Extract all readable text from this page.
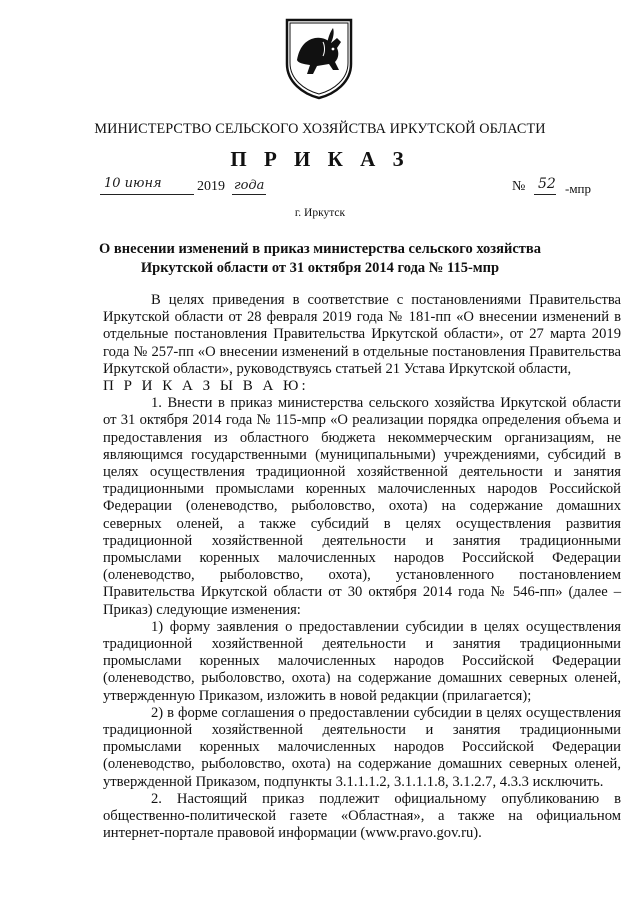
МИНИСТЕРСТВО СЕЛЬСКОГО ХОЗЯЙСТВА ИРКУТСКОЙ ОБЛАСТИ
П Р И К А З
10 июня	2019 года	№ 52 -мпр
г. Иркутск
О внесении изменений в приказ министерства сельского хозяйства Иркутской области от 31 октября 2014 года № 115-мпр

В целях приведения в соответствие с постановлениями Правительства Иркутской области от 28 февраля 2019 года № 181-пп «О внесении изменений в отдельные постановления Правительства Иркутской области», от 27 марта 2019 года № 257-пп «О внесении изменений в отдельные постановления Правительства Иркутской области», руководствуясь статьей 21 Устава Иркутской области,

П Р И К А З Ы В А Ю:

1. Внести в приказ министерства сельского хозяйства Иркутской области от 31 октября 2014 года № 115-мпр «О реализации порядка определения объема и предоставления из областного бюджета некоммерческим организациям, не являющимся государственными (муниципальными) учреждениями, субсидий в целях осуществления традиционной хозяйственной деятельности и занятия традиционными промыслами коренных малочисленных народов Российской Федерации (оленеводство, рыболовство, охота) на содержание домашних северных оленей, а также субсидий в целях осуществления развития традиционной хозяйственной деятельности и занятия традиционными промыслами коренных малочисленных народов Российской Федерации (оленеводство, рыболовство, охота), установленного постановлением Правительства Иркутской области от 30 октября 2014 года № 546-пп» (далее – Приказ) следующие изменения:

1) форму заявления о предоставлении субсидии в целях осуществления традиционной хозяйственной деятельности и занятия традиционными промыслами коренных малочисленных народов Российской Федерации (оленеводство, рыболовство, охота) на содержание домашних северных оленей, утвержденную Приказом, изложить в новой редакции (прилагается);

2) в форме соглашения о предоставлении субсидии в целях осуществления традиционной хозяйственной деятельности и занятия традиционными промыслами коренных малочисленных народов Российской Федерации (оленеводство, рыболовство, охота) на содержание домашних северных оленей, утвержденной Приказом, подпункты 3.1.1.1.2, 3.1.1.1.8, 3.1.2.7, 4.3.3 исключить.

2. Настоящий приказ подлежит официальному опубликованию в общественно-политической газете «Областная», а также на официальном интернет-портале правовой информации (www.pravo.gov.ru).
